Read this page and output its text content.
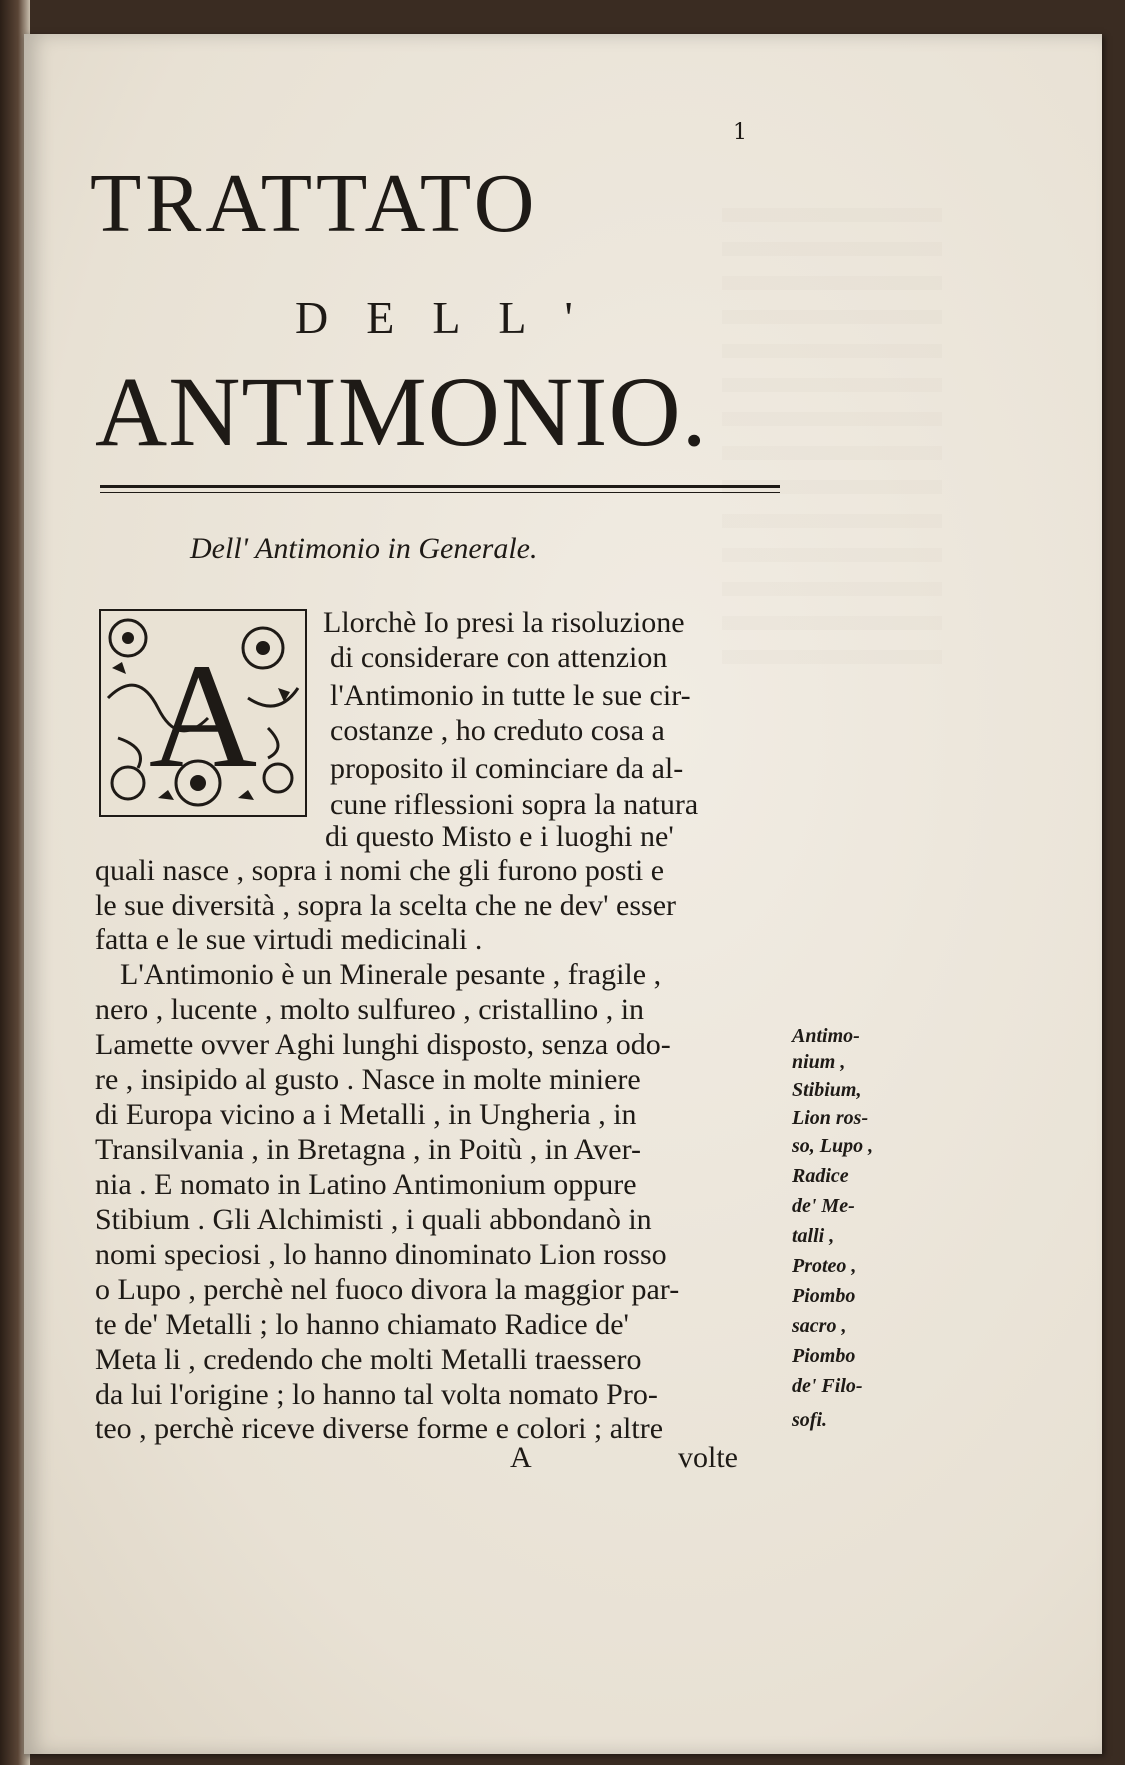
1
TRATTATO
DELL'
ANTIMONIO.
Dell' Antimonio in Generale.
A
Llorchè Io presi la risoluzione
di considerare con attenzion
l'Antimonio in tutte le sue cir-
costanze , ho creduto cosa a
proposito il cominciare da al-
cune riflessioni sopra la natura
di questo Misto e i luoghi ne'
quali nasce , sopra i nomi che gli furono posti e
le sue diversità , sopra la scelta che ne dev' esser
fatta e le sue virtudi medicinali .
L'Antimonio è un Minerale pesante , fragile ,
nero , lucente , molto sulfureo , cristallino , in
Lamette ovver Aghi lunghi disposto, senza odo-
re , insipido al gusto . Nasce in molte miniere
di Europa vicino a i Metalli , in Ungheria , in
Transilvania , in Bretagna , in Poitù , in Aver-
nia . E nomato in Latino Antimonium oppure
Stibium . Gli Alchimisti , i quali abbondanò in
nomi speciosi , lo hanno dinominato Lion rosso
o Lupo , perchè nel fuoco divora la maggior par-
te de' Metalli ; lo hanno chiamato Radice de'
Meta li , credendo che molti Metalli traessero
da lui l'origine ; lo hanno tal volta nomato Pro-
teo , perchè riceve diverse forme e colori ; altre
Antimo-
nium ,
Stibium,
Lion ros-
so, Lupo ,
Radice
de' Me-
talli ,
Proteo ,
Piombo
sacro ,
Piombo
de' Filo-
sofi.
A	volte
